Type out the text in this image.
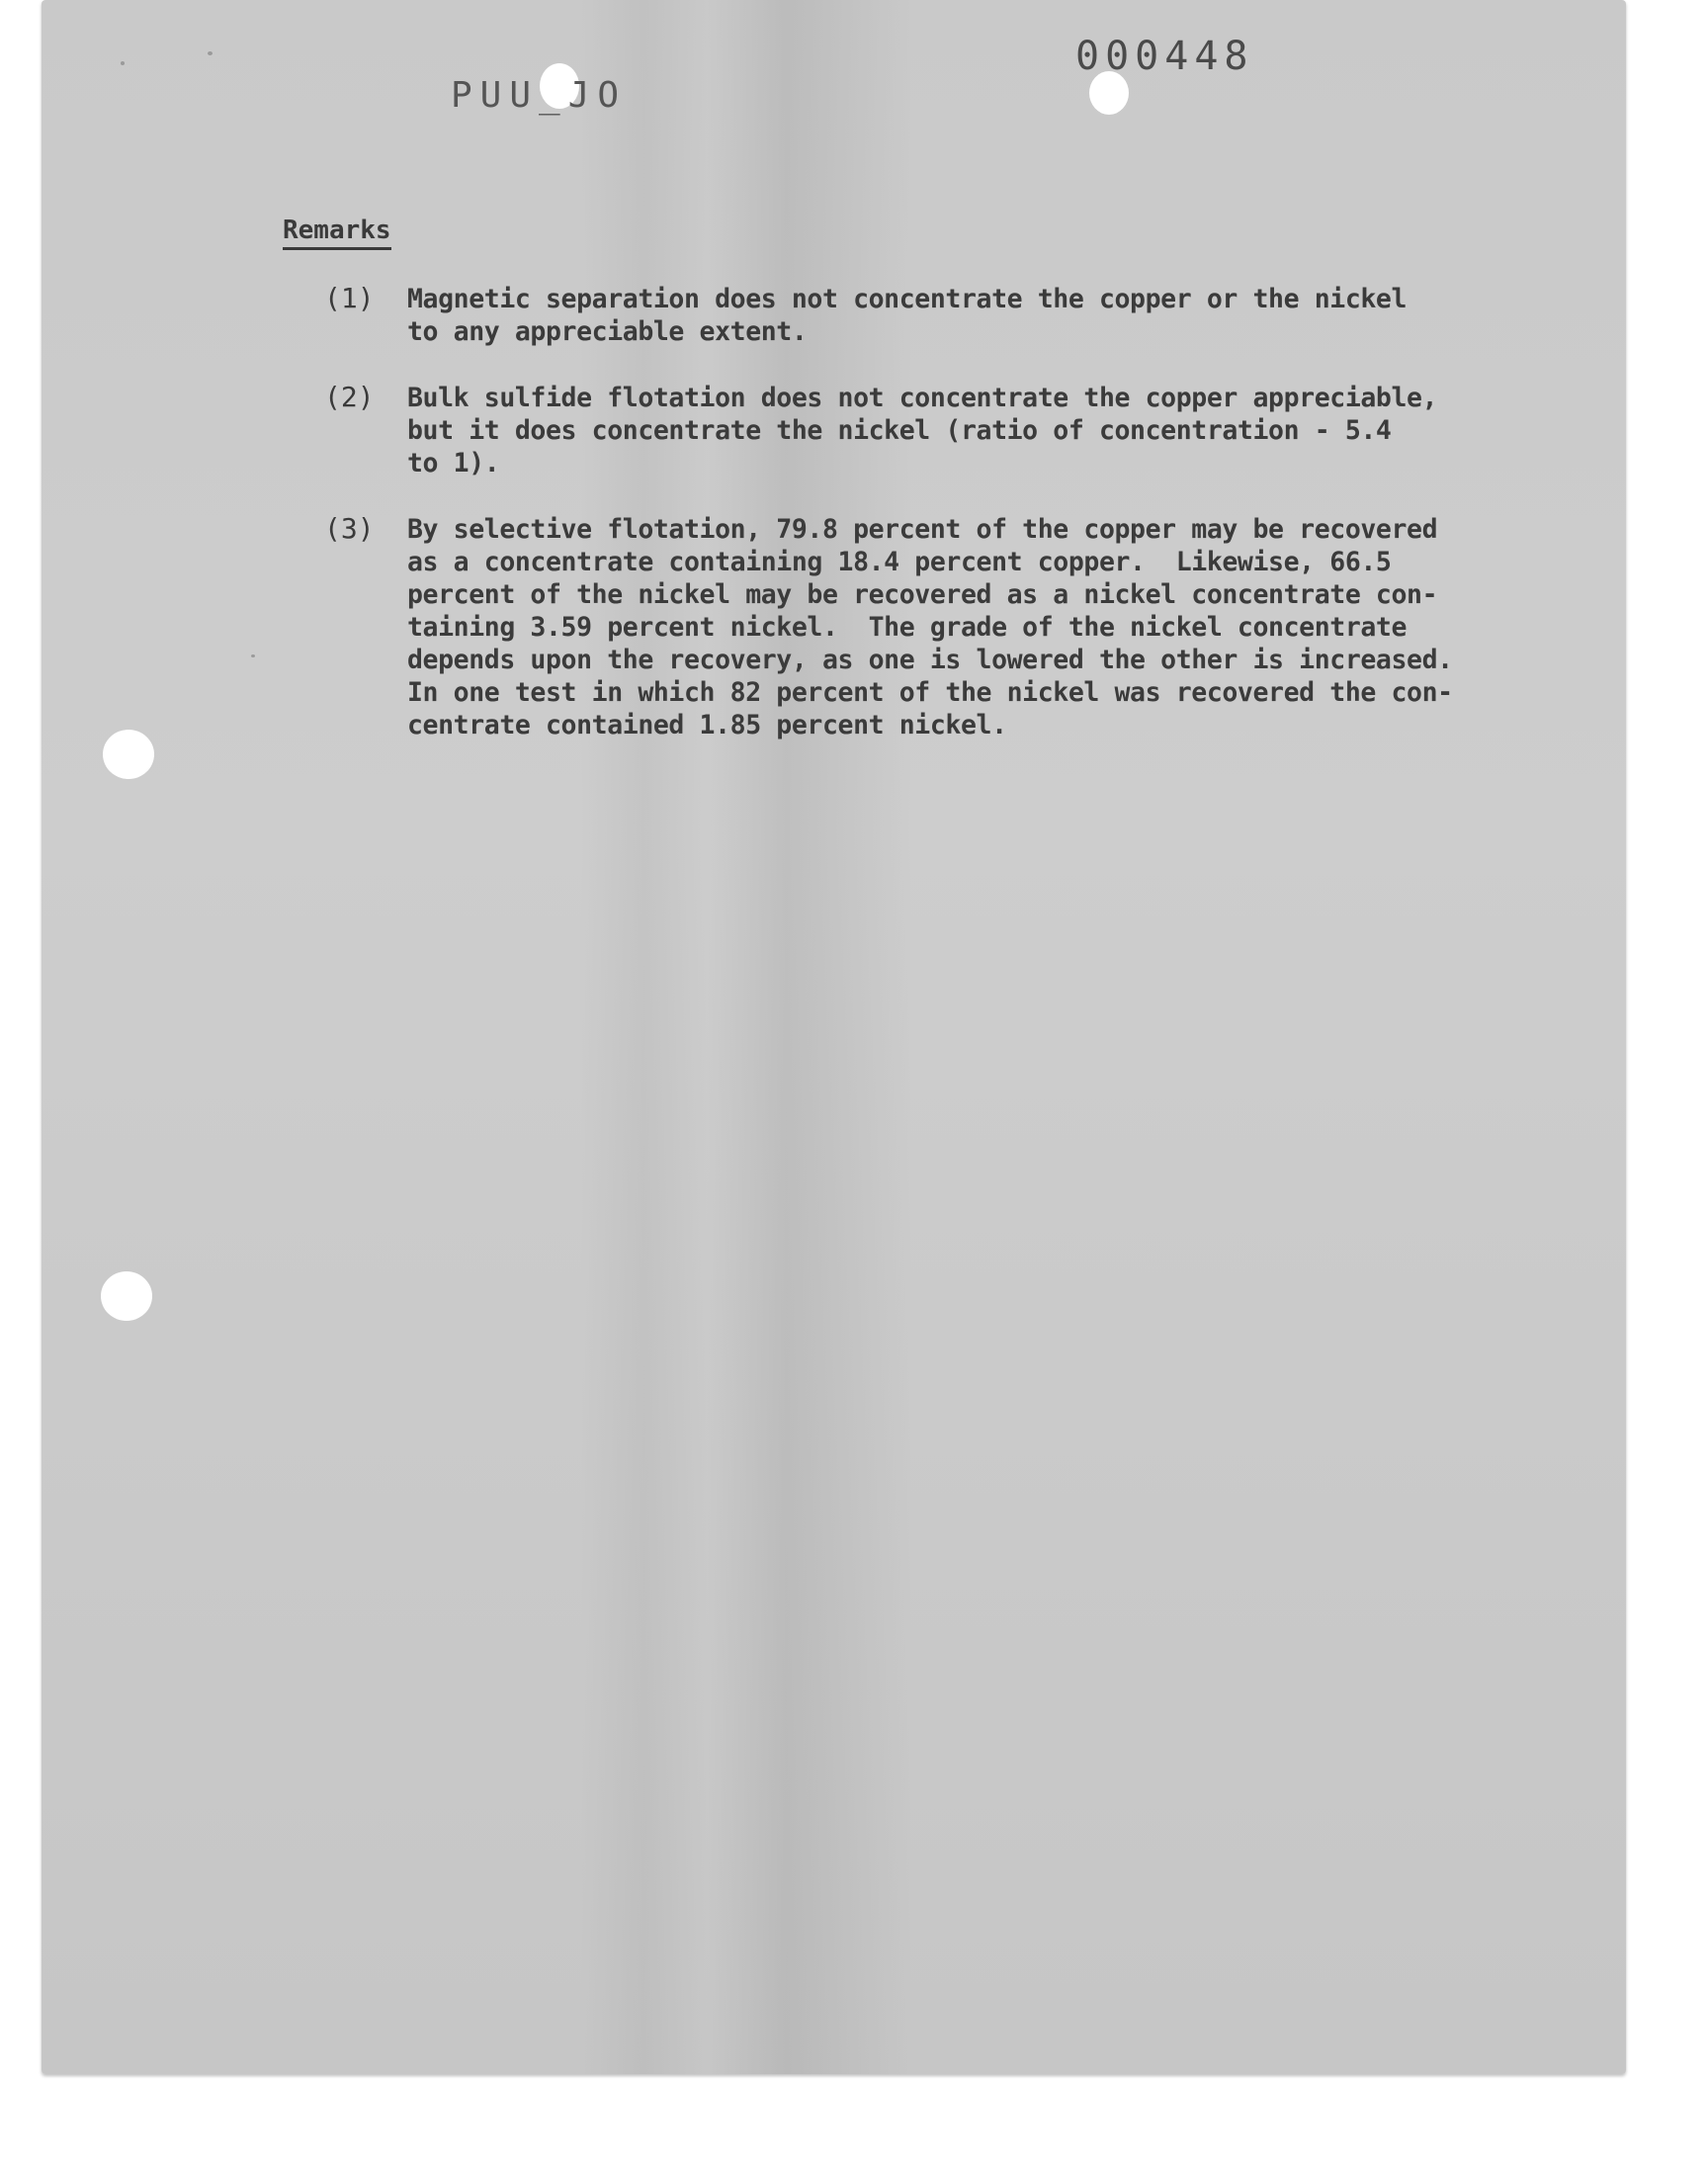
000448
PUU_JO
Remarks
(1) Magnetic separation does not concentrate the copper or the nickel
to any appreciable extent.
(2) Bulk sulfide flotation does not concentrate the copper appreciable,
but it does concentrate the nickel (ratio of concentration - 5.4
to 1).
(3) By selective flotation, 79.8 percent of the copper may be recovered
as a concentrate containing 18.4 percent copper.  Likewise, 66.5
percent of the nickel may be recovered as a nickel concentrate con-
taining 3.59 percent nickel.  The grade of the nickel concentrate
depends upon the recovery, as one is lowered the other is increased.
In one test in which 82 percent of the nickel was recovered the con-
centrate contained 1.85 percent nickel.
